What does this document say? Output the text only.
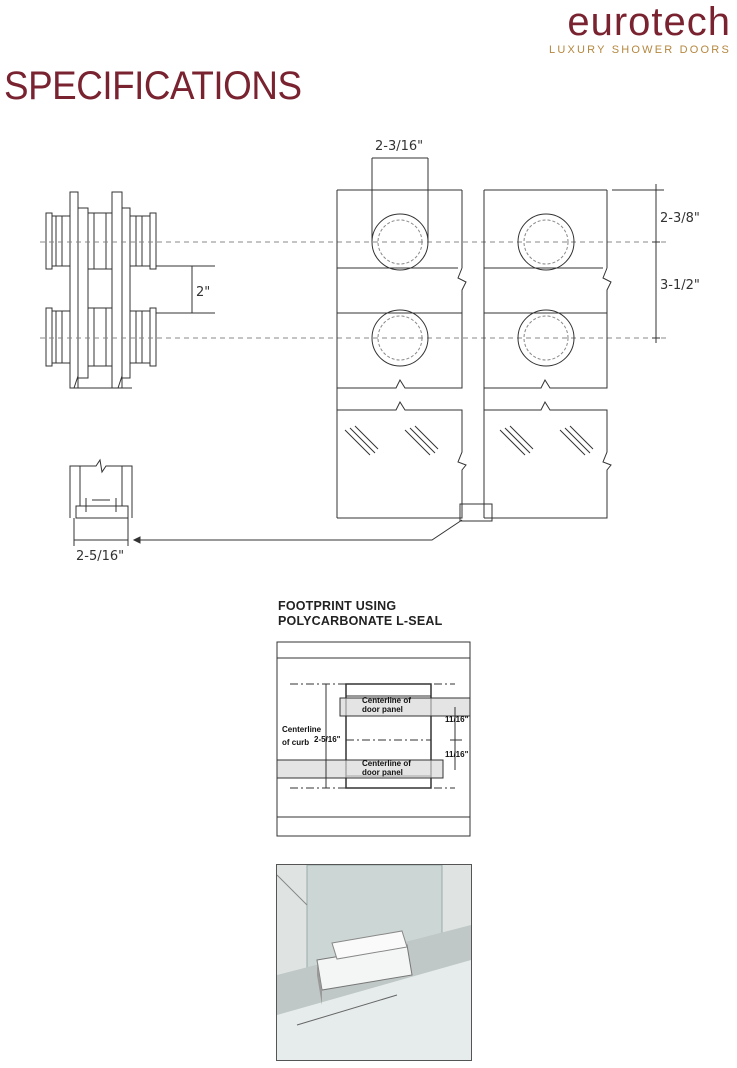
eurotech
LUXURY SHOWER DOORS
SPECIFICATIONS
2-3/16"
2-3/8"
3-1/2"
2"
2-5/16"
Centerline of
door panel
Centerline of
door panel
Centerline
of curb 2-5/16"
11/16"
11/16"
FOOTPRINT USING
POLYCARBONATE L-SEAL
